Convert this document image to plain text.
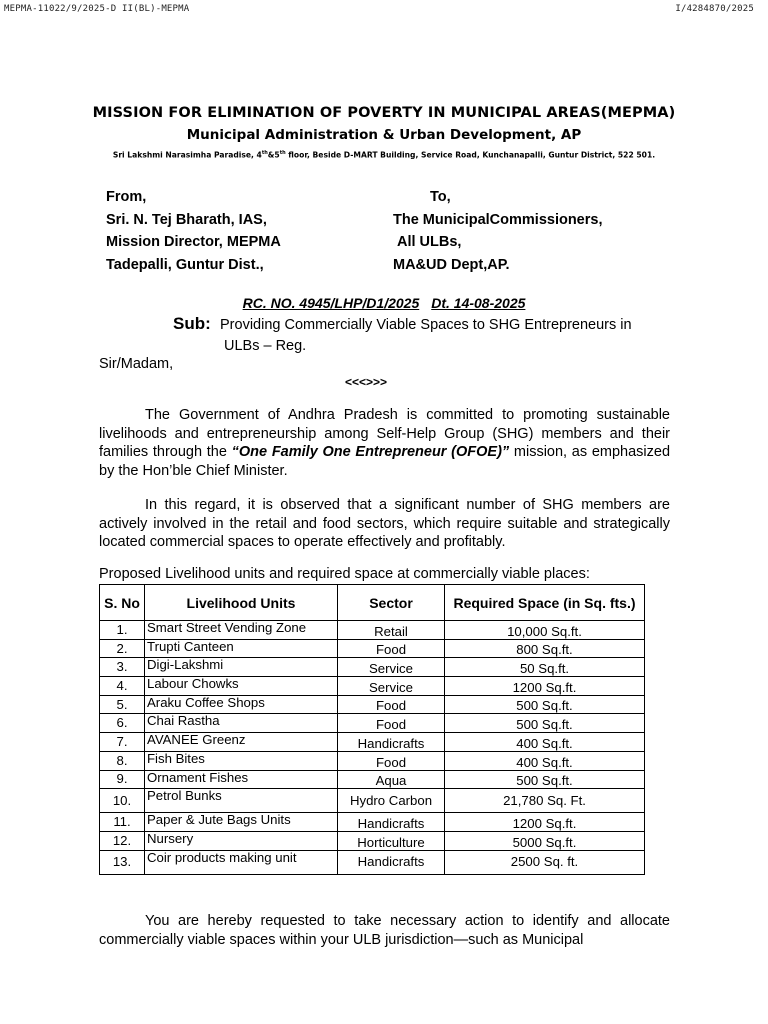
MEPMA-11022/9/2025-D II(BL)-MEPMA	I/4284870/2025
MISSION FOR ELIMINATION OF POVERTY IN MUNICIPAL AREAS(MEPMA)
Municipal Administration & Urban Development, AP
Sri Lakshmi Narasimha Paradise, 4th&5th floor, Beside D-MART Building, Service Road, Kunchanapalli, Guntur District, 522 501.
From,
Sri. N. Tej Bharath, IAS,
Mission Director, MEPMA
Tadepalli, Guntur Dist.,
To,
The MunicipalCommissioners,
All ULBs,
MA&UD Dept,AP.
RC. NO. 4945/LHP/D1/2025 Dt. 14-08-2025
Sub: Providing Commercially Viable Spaces to SHG Entrepreneurs in
ULBs – Reg.
Sir/Madam,
<<<>>>
The Government of Andhra Pradesh is committed to promoting sustainable livelihoods and entrepreneurship among Self-Help Group (SHG) members and their families through the “One Family One Entrepreneur (OFOE)” mission, as emphasized by the Hon’ble Chief Minister.
In this regard, it is observed that a significant number of SHG members are actively involved in the retail and food sectors, which require suitable and strategically located commercial spaces to operate effectively and profitably.
Proposed Livelihood units and required space at commercially viable places:
S. No	Livelihood Units	Sector	Required Space (in Sq. fts.)
1.	Smart Street Vending Zone	Retail	10,000 Sq.ft.
2.	Trupti Canteen	Food	800 Sq.ft.
3.	Digi-Lakshmi	Service	50 Sq.ft.
4.	Labour Chowks	Service	1200 Sq.ft.
5.	Araku Coffee Shops	Food	500 Sq.ft.
6.	Chai Rastha	Food	500 Sq.ft.
7.	AVANEE Greenz	Handicrafts	400 Sq.ft.
8.	Fish Bites	Food	400 Sq.ft.
9.	Ornament Fishes	Aqua	500 Sq.ft.
10.	Petrol Bunks	Hydro Carbon	21,780 Sq. Ft.
11.	Paper & Jute Bags Units	Handicrafts	1200 Sq.ft.
12.	Nursery	Horticulture	5000 Sq.ft.
13.	Coir products making unit	Handicrafts	2500 Sq. ft.
You are hereby requested to take necessary action to identify and allocate commercially viable spaces within your ULB jurisdiction—such as Municipal
